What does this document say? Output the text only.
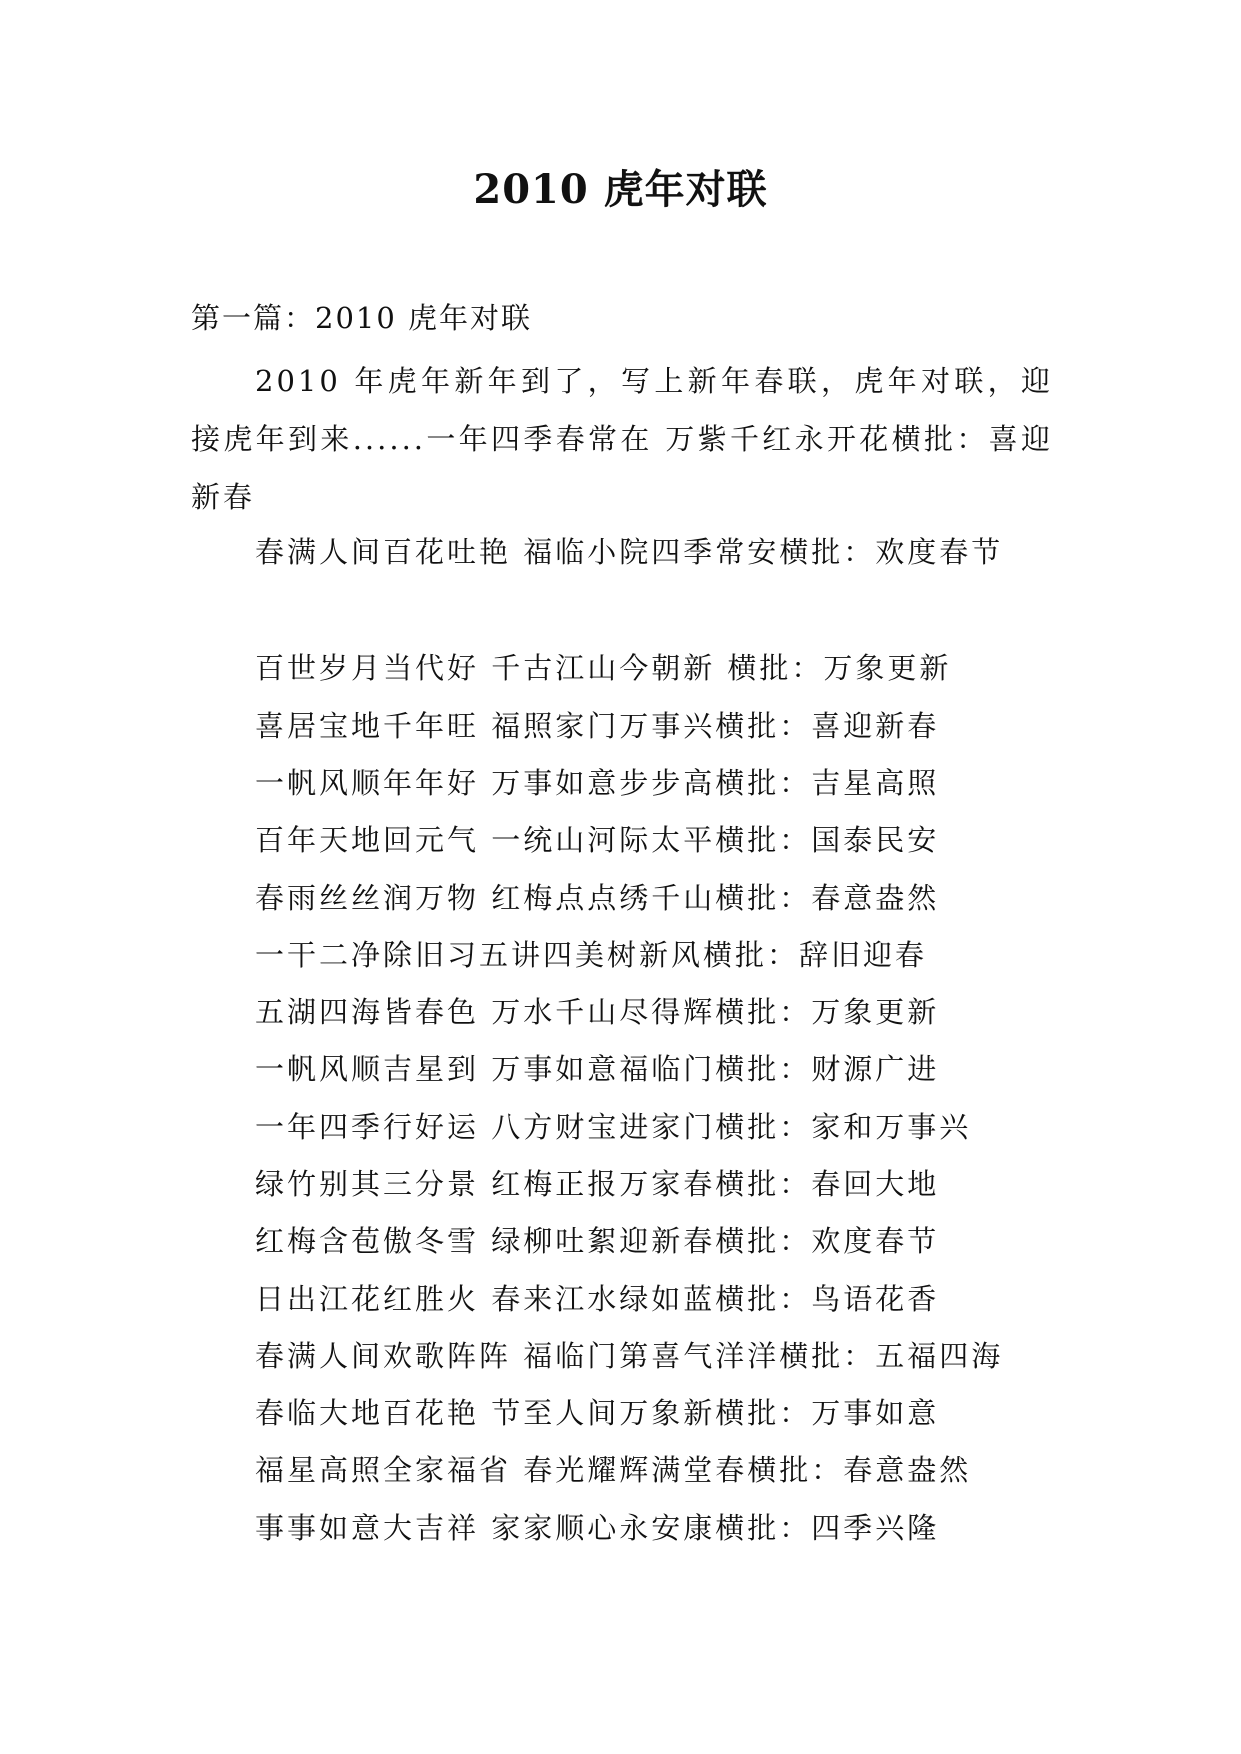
2010 虎年对联
第一篇：2010 虎年对联

2010 年虎年新年到了，写上新年春联，虎年对联，迎接虎年到来......一年四季春常在 万紫千红永开花横批：喜迎新春

春满人间百花吐艳 福临小院四季常安横批：欢度春节
百世岁月当代好 千古江山今朝新 横批：万象更新
喜居宝地千年旺 福照家门万事兴横批：喜迎新春
一帆风顺年年好 万事如意步步高横批：吉星高照
百年天地回元气 一统山河际太平横批：国泰民安
春雨丝丝润万物 红梅点点绣千山横批：春意盎然
一干二净除旧习五讲四美树新风横批：辞旧迎春
五湖四海皆春色 万水千山尽得辉横批：万象更新
一帆风顺吉星到 万事如意福临门横批：财源广进
一年四季行好运 八方财宝进家门横批：家和万事兴
绿竹别其三分景 红梅正报万家春横批：春回大地
红梅含苞傲冬雪 绿柳吐絮迎新春横批：欢度春节
日出江花红胜火 春来江水绿如蓝横批：鸟语花香
春满人间欢歌阵阵 福临门第喜气洋洋横批：五福四海
春临大地百花艳 节至人间万象新横批：万事如意
福星高照全家福省 春光耀辉满堂春横批：春意盎然
事事如意大吉祥 家家顺心永安康横批：四季兴隆
